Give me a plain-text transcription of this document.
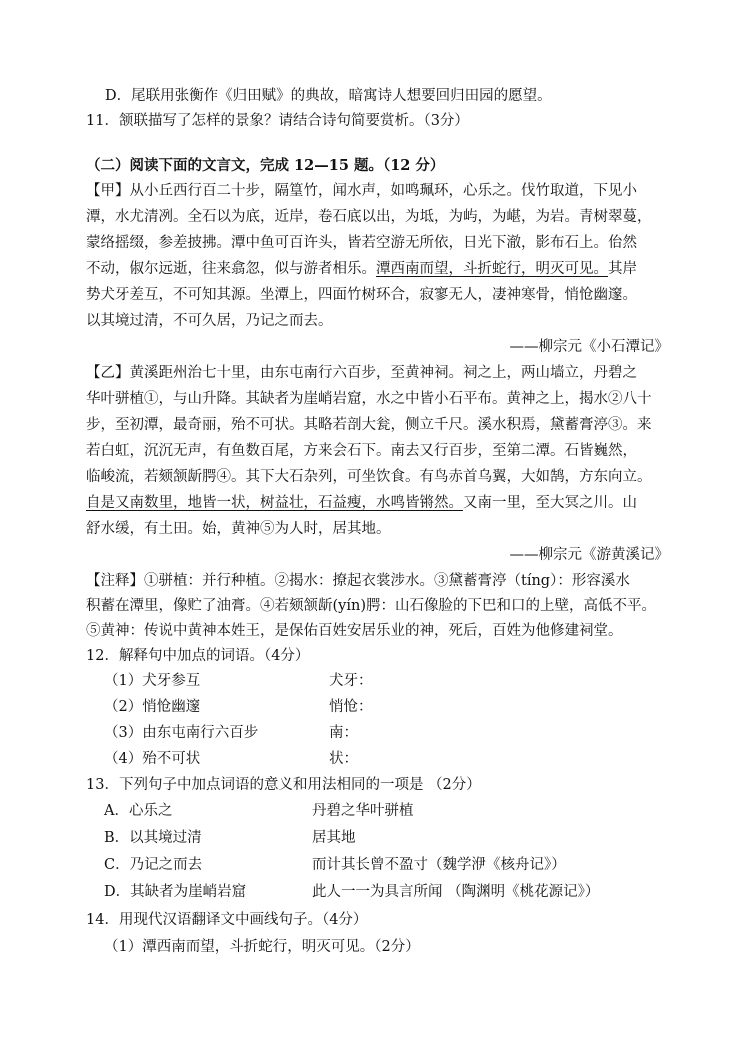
D．尾联用张衡作《归田赋》的典故，暗寓诗人想要回归田园的愿望。
11．颔联描写了怎样的景象？请结合诗句简要赏析。（3分）
（二）阅读下面的文言文，完成 12—15 题。（12 分）
【甲】从小丘西行百二十步，隔篁竹，闻水声，如鸣珮环，心乐之。伐竹取道，下见小
潭，水尤清冽。全石以为底，近岸，卷石底以出，为坻，为屿，为嵁，为岩。青树翠蔓，
蒙络摇缀，参差披拂。潭中鱼可百许头，皆若空游无所依，日光下澈，影布石上。佁然
不动，俶尔远逝，往来翕忽，似与游者相乐。潭西南而望，斗折蛇行，明灭可见。其岸
势犬牙差互，不可知其源。坐潭上，四面竹树环合，寂寥无人，凄神寒骨，悄怆幽邃。
以其境过清，不可久居，乃记之而去。
——柳宗元《小石潭记》
【乙】黄溪距州治七十里，由东屯南行六百步，至黄神祠。祠之上，两山墙立，丹碧之
华叶骈植①，与山升降。其缺者为崖峭岩窟，水之中皆小石平布。黄神之上，揭水②八十
步，至初潭，最奇丽，殆不可状。其略若剖大瓮，侧立千尺。溪水积焉，黛蓄膏渟③。来
若白虹，沉沉无声，有鱼数百尾，方来会石下。南去又行百步，至第二潭。石皆巍然，
临峻流，若颏颔龂腭④。其下大石杂列，可坐饮食。有鸟赤首乌翼，大如鹄，方东向立。
自是又南数里，地皆一状，树益壮，石益瘦，水鸣皆锵然。又南一里，至大冥之川。山
舒水缓，有土田。始，黄神⑤为人时，居其地。
——柳宗元《游黄溪记》
【注释】①骈植：并行种植。②揭水：撩起衣裳涉水。③黛蓄膏渟（tíng）：形容溪水
积蓄在潭里，像贮了油膏。④若颏颔龂(yín)腭：山石像脸的下巴和口的上壁，高低不平。
⑤黄神：传说中黄神本姓王，是保佑百姓安居乐业的神，死后，百姓为他修建祠堂。
12．解释句中加点的词语。（4分）
（1）犬牙参互	犬牙：
（2）悄怆幽邃	悄怆：
（3）由东屯南行六百步	南：
（4）殆不可状	状：
13．下列句子中加点词语的意义和用法相同的一项是 （2分）
A．心乐之	丹碧之华叶骈植
B．以其境过清	居其地
C．乃记之而去	而计其长曾不盈寸（魏学洢《核舟记》）
D．其缺者为崖峭岩窟	此人一一为具言所闻 （陶渊明《桃花源记》）
14．用现代汉语翻译文中画线句子。（4分）
（1）潭西南而望，斗折蛇行，明灭可见。（2分）
